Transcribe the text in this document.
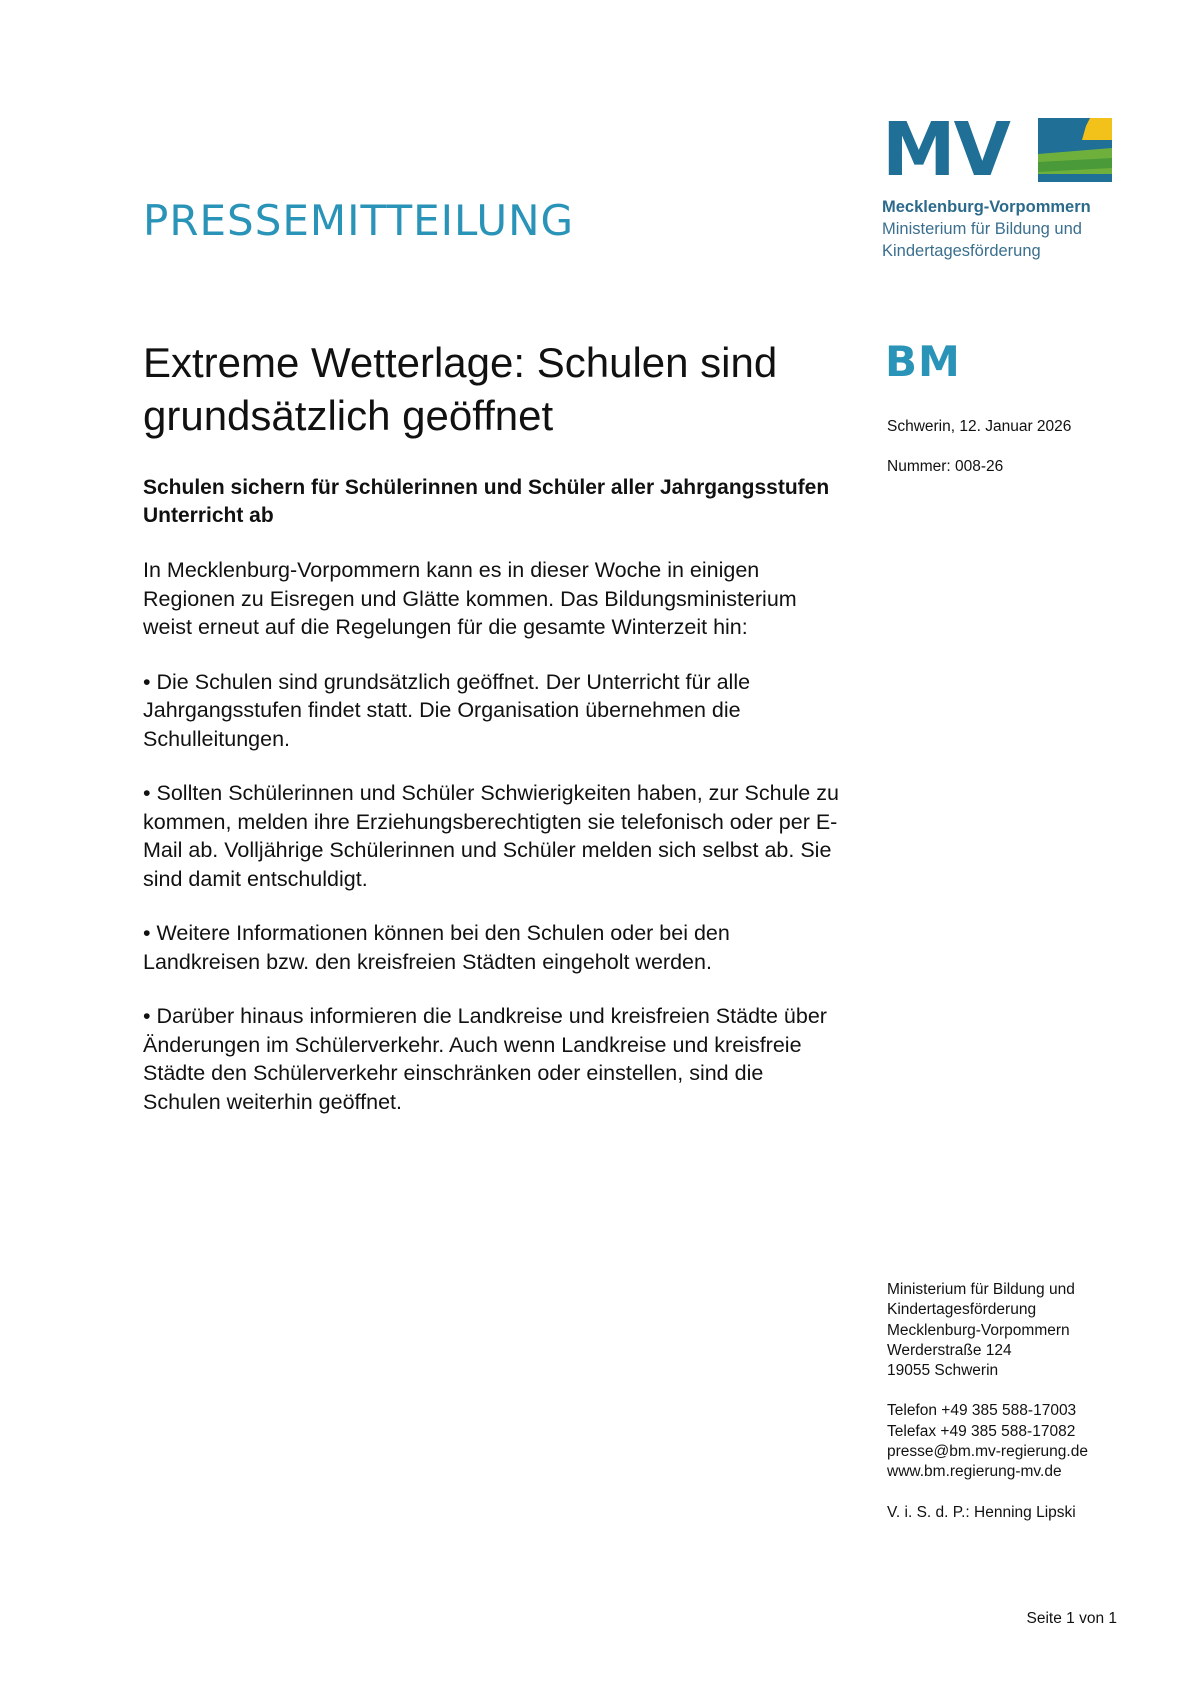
PRESSEMITTEILUNG
MV
Mecklenburg-Vorpommern
Ministerium für Bildung und
Kindertagesförderung
BM
Schwerin, 12. Januar 2026
Nummer: 008-26
Extreme Wetterlage: Schulen sind grundsätzlich geöffnet

Schulen sichern für Schülerinnen und Schüler aller Jahrgangsstufen Unterricht ab

In Mecklenburg-Vorpommern kann es in dieser Woche in einigen Regionen zu Eisregen und Glätte kommen. Das Bildungsministerium weist erneut auf die Regelungen für die gesamte Winterzeit hin:

• Die Schulen sind grundsätzlich geöffnet. Der Unterricht für alle Jahrgangsstufen findet statt. Die Organisation übernehmen die Schulleitungen.

• Sollten Schülerinnen und Schüler Schwierigkeiten haben, zur Schule zu kommen, melden ihre Erziehungsberechtigten sie telefonisch oder per E-Mail ab. Volljährige Schülerinnen und Schüler melden sich selbst ab. Sie sind damit entschuldigt.

• Weitere Informationen können bei den Schulen oder bei den Landkreisen bzw. den kreisfreien Städten eingeholt werden.

• Darüber hinaus informieren die Landkreise und kreisfreien Städte über Änderungen im Schülerverkehr. Auch wenn Landkreise und kreisfreie Städte den Schülerverkehr einschränken oder einstellen, sind die Schulen weiterhin geöffnet.

Ministerium für Bildung und
Kindertagesförderung
Mecklenburg-Vorpommern
Werderstraße 124
19055 Schwerin
Telefon +49 385 588-17003
Telefax +49 385 588-17082
presse@bm.mv-regierung.de
www.bm.regierung-mv.de
V. i. S. d. P.: Henning Lipski
Seite 1 von 1
